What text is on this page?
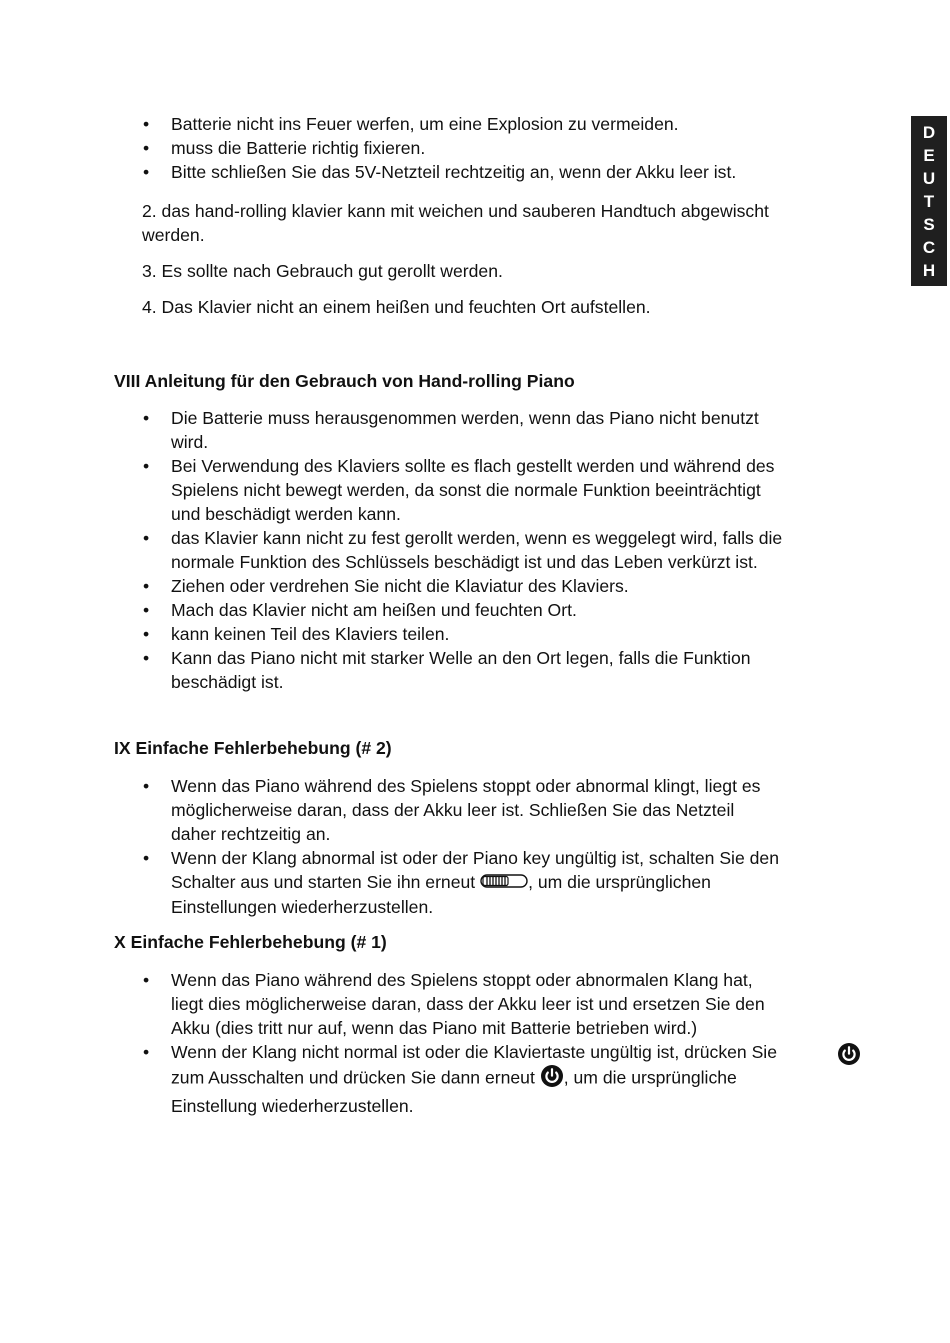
D
E
U
T
S
C
H
• Batterie nicht ins Feuer werfen, um eine Explosion zu vermeiden.
• muss die Batterie richtig fixieren.
• Bitte schließen Sie das 5V-Netzteil rechtzeitig an, wenn der Akku leer ist.

2. das hand-rolling klavier kann mit weichen und sauberen Handtuch abgewischt

werden.

3. Es sollte nach Gebrauch gut gerollt werden.

4. Das Klavier nicht an einem heißen und feuchten Ort aufstellen.

VIII Anleitung für den Gebrauch von Hand-rolling Piano
• Die Batterie muss herausgenommen werden, wenn das Piano nicht benutzt
wird.
• Bei Verwendung des Klaviers sollte es flach gestellt werden und während des
Spielens nicht bewegt werden, da sonst die normale Funktion beeinträchtigt
und beschädigt werden kann.
• das Klavier kann nicht zu fest gerollt werden, wenn es weggelegt wird, falls die
normale Funktion des Schlüssels beschädigt ist und das Leben verkürzt ist.
• Ziehen oder verdrehen Sie nicht die Klaviatur des Klaviers.
• Mach das Klavier nicht am heißen und feuchten Ort.
• kann keinen Teil des Klaviers teilen.
• Kann das Piano nicht mit starker Welle an den Ort legen, falls die Funktion
beschädigt ist.
IX Einfache Fehlerbehebung (# 2)
• Wenn das Piano während des Spielens stoppt oder abnormal klingt, liegt es
möglicherweise daran, dass der Akku leer ist. Schließen Sie das Netzteil
daher rechtzeitig an.
• Wenn der Klang abnormal ist oder der Piano key ungültig ist, schalten Sie den
Schalter aus und starten Sie ihn erneut	, um die ursprünglichen
Einstellungen wiederherzustellen.
X Einfache Fehlerbehebung (# 1)
• Wenn das Piano während des Spielens stoppt oder abnormalen Klang hat,
liegt dies möglicherweise daran, dass der Akku leer ist und ersetzen Sie den
Akku (dies tritt nur auf, wenn das Piano mit Batterie betrieben wird.)
• Wenn der Klang nicht normal ist oder die Klaviertaste ungültig ist, drücken Sie
zum Ausschalten und drücken Sie dann erneut , um die ursprüngliche
Einstellung wiederherzustellen.
